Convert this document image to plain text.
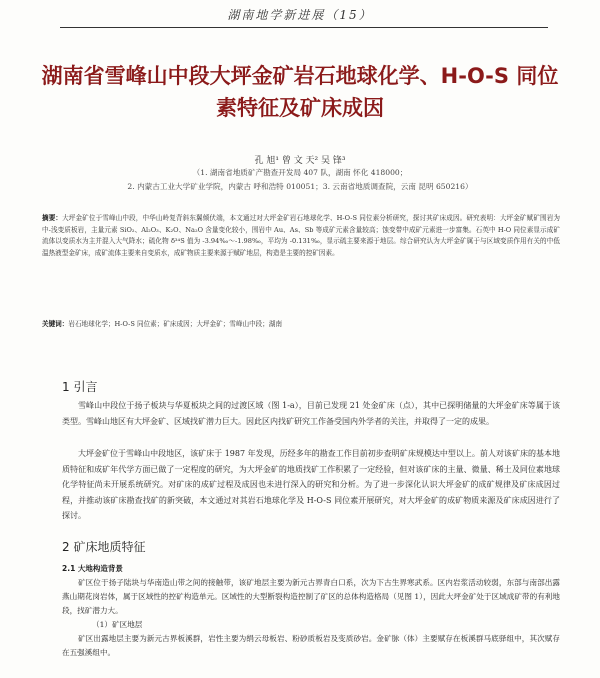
湖南地学新进展（15）
湖南省雪峰山中段大坪金矿岩石地球化学、H-O-S 同位
素特征及矿床成因
孔 旭¹ 曾 文 天² 吴 锋³
（1. 湖南省地质矿产勘查开发局 407 队，湖南 怀化 418000；
2. 内蒙古工业大学矿业学院，内蒙古 呼和浩特 010051；3. 云南省地质调查院，云南 昆明 650216）
摘要：大坪金矿位于雪峰山中段，中华山岭复背斜东翼倾伏端，本文通过对大坪金矿岩石地球化学、H-O-S 同位素分析研究，探讨其矿床成因。研究表明：大坪金矿赋矿围岩为中-浅变质板岩，主量元素 SiO₂、Al₂O₃、K₂O、Na₂O 含量变化较小，围岩中 Au、As、Sb 等成矿元素含量较高；蚀变带中成矿元素进一步富集。石英中 H-O 同位素显示成矿流体以变质水为主并混入大气降水；硫化物 δ³⁴S 值为 -3.94‰～-1.98‰，平均为 -0.131‰，显示硫主要来源于地层。综合研究认为大坪金矿属于与区域变质作用有关的中低温热液型金矿床，成矿流体主要来自变质水，成矿物质主要来源于赋矿地层，构造是主要的控矿因素。
关键词：岩石地球化学；H-O-S 同位素；矿床成因；大坪金矿；雪峰山中段；湖南
1 引言
雪峰山中段位于扬子板块与华夏板块之间的过渡区域（图 1-a），目前已发现 21 处金矿床（点），其中已探明储量的大坪金矿床等属于该类型。雪峰山地区有大坪金矿、区域找矿潜力巨大。因此区内找矿研究工作备受国内外学者的关注，并取得了一定的成果。
大坪金矿位于雪峰山中段地区，该矿床于 1987 年发现，历经多年的勘查工作目前初步查明矿床规模达中型以上。前人对该矿床的基本地质特征和成矿年代学方面已做了一定程度的研究，为大坪金矿的地质找矿工作积累了一定经验，但对该矿床的主量、微量、稀土及同位素地球化学特征尚未开展系统研究。对矿床的成矿过程及成因也未进行深入的研究和分析。为了进一步深化认识大坪金矿的成矿规律及矿床成因过程，并推动该矿床勘查找矿的新突破，本文通过对其岩石地球化学及 H-O-S 同位素开展研究，对大坪金矿的成矿物质来源及矿床成因进行了探讨。
2 矿床地质特征
2.1 大地构造背景
矿区位于扬子陆块与华南造山带之间的接触带，该矿地层主要为新元古界青白口系，次为下古生界寒武系。区内岩浆活动较弱，东部与南部出露燕山期花岗岩体，属于区域性的控矿构造单元。区域性的大型断裂构造控制了矿区的总体构造格局（见图 1），因此大坪金矿处于区域成矿带的有利地段，找矿潜力大。
（1）矿区地层
矿区出露地层主要为新元古界板溪群，岩性主要为绢云母板岩、粉砂质板岩及变质砂岩。金矿脉（体）主要赋存在板溪群马底驿组中，其次赋存在五强溪组中。
